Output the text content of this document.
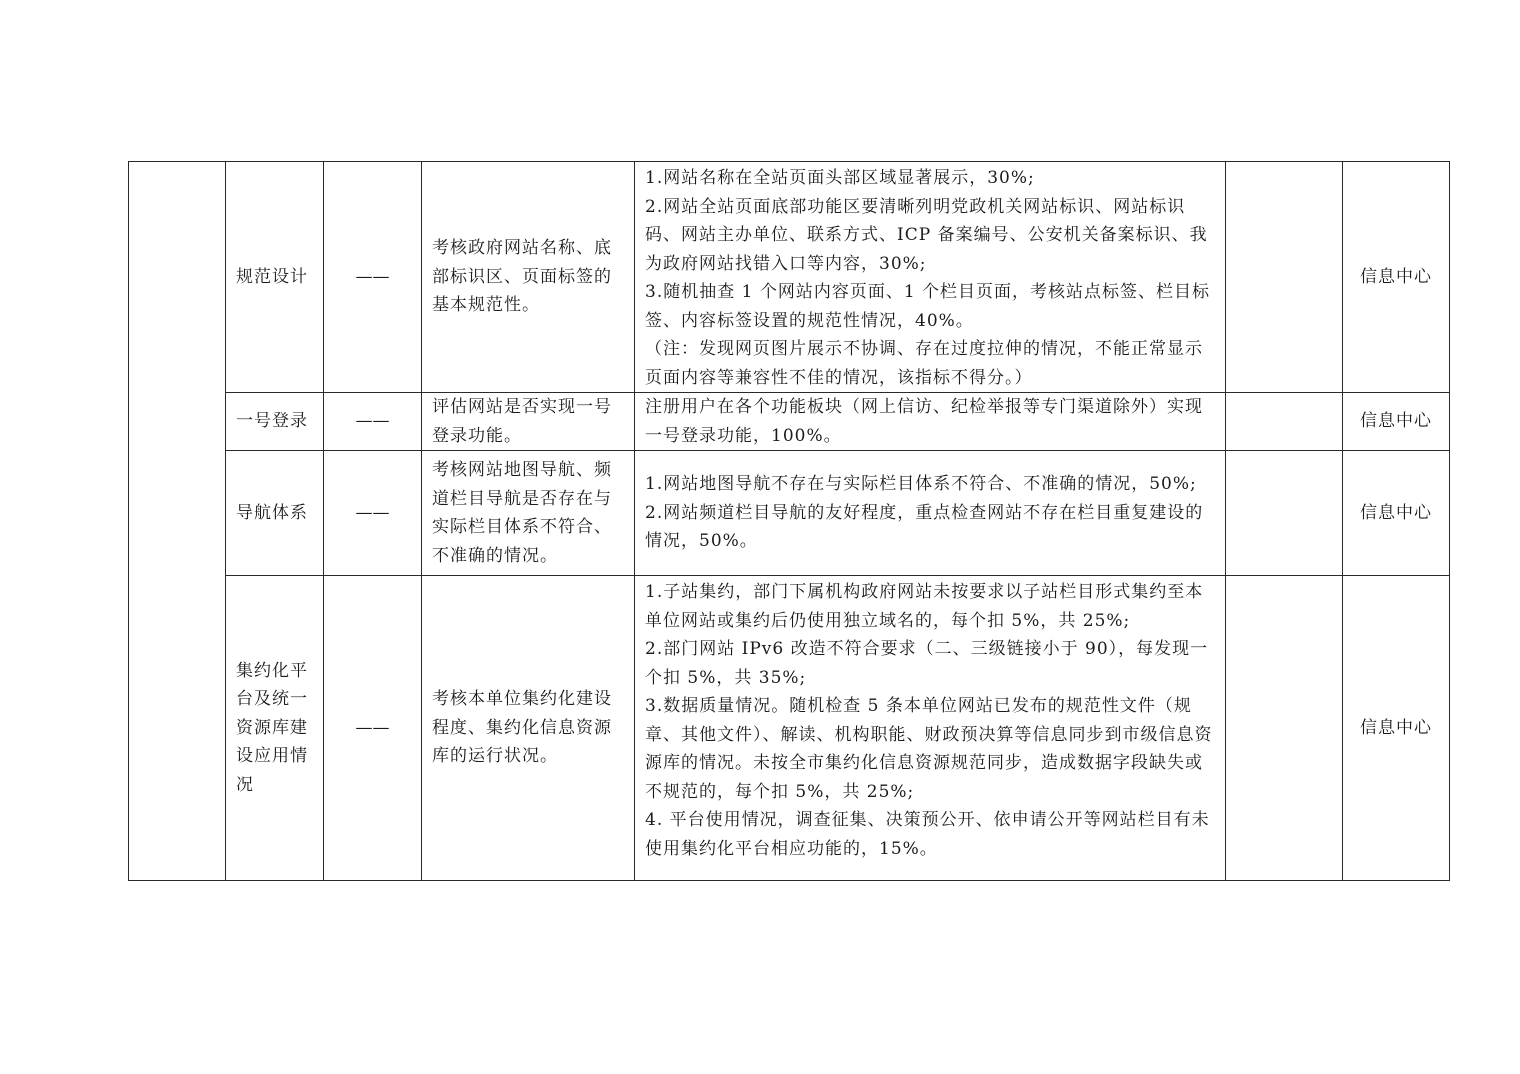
	规范设计	——	考核政府网站名称、底部标识区、页面标签的基本规范性。	1.网站名称在全站页面头部区域显著展示，30%;
2.网站全站页面底部功能区要清晰列明党政机关网站标识、网站标识码、网站主办单位、联系方式、ICP 备案编号、公安机关备案标识、我为政府网站找错入口等内容，30%;
3.随机抽查 1 个网站内容页面、1 个栏目页面，考核站点标签、栏目标签、内容标签设置的规范性情况，40%。
（注：发现网页图片展示不协调、存在过度拉伸的情况，不能正常显示页面内容等兼容性不佳的情况，该指标不得分。）		信息中心
	一号登录	——	评估网站是否实现一号登录功能。	注册用户在各个功能板块（网上信访、纪检举报等专门渠道除外）实现一号登录功能，100%。		信息中心
	导航体系	——	考核网站地图导航、频道栏目导航是否存在与实际栏目体系不符合、不准确的情况。	1.网站地图导航不存在与实际栏目体系不符合、不准确的情况，50%;
2.网站频道栏目导航的友好程度，重点检查网站不存在栏目重复建设的情况，50%。		信息中心
	集约化平台及统一资源库建设应用情况	——	考核本单位集约化建设程度、集约化信息资源库的运行状况。	1.子站集约，部门下属机构政府网站未按要求以子站栏目形式集约至本单位网站或集约后仍使用独立域名的，每个扣 5%，共 25%;
2.部门网站 IPv6 改造不符合要求（二、三级链接小于 90），每发现一个扣 5%，共 35%;
3.数据质量情况。随机检查 5 条本单位网站已发布的规范性文件（规章、其他文件）、解读、机构职能、财政预决算等信息同步到市级信息资源库的情况。未按全市集约化信息资源规范同步，造成数据字段缺失或不规范的，每个扣 5%，共 25%;
4. 平台使用情况，调查征集、决策预公开、依申请公开等网站栏目有未使用集约化平台相应功能的，15%。		信息中心
